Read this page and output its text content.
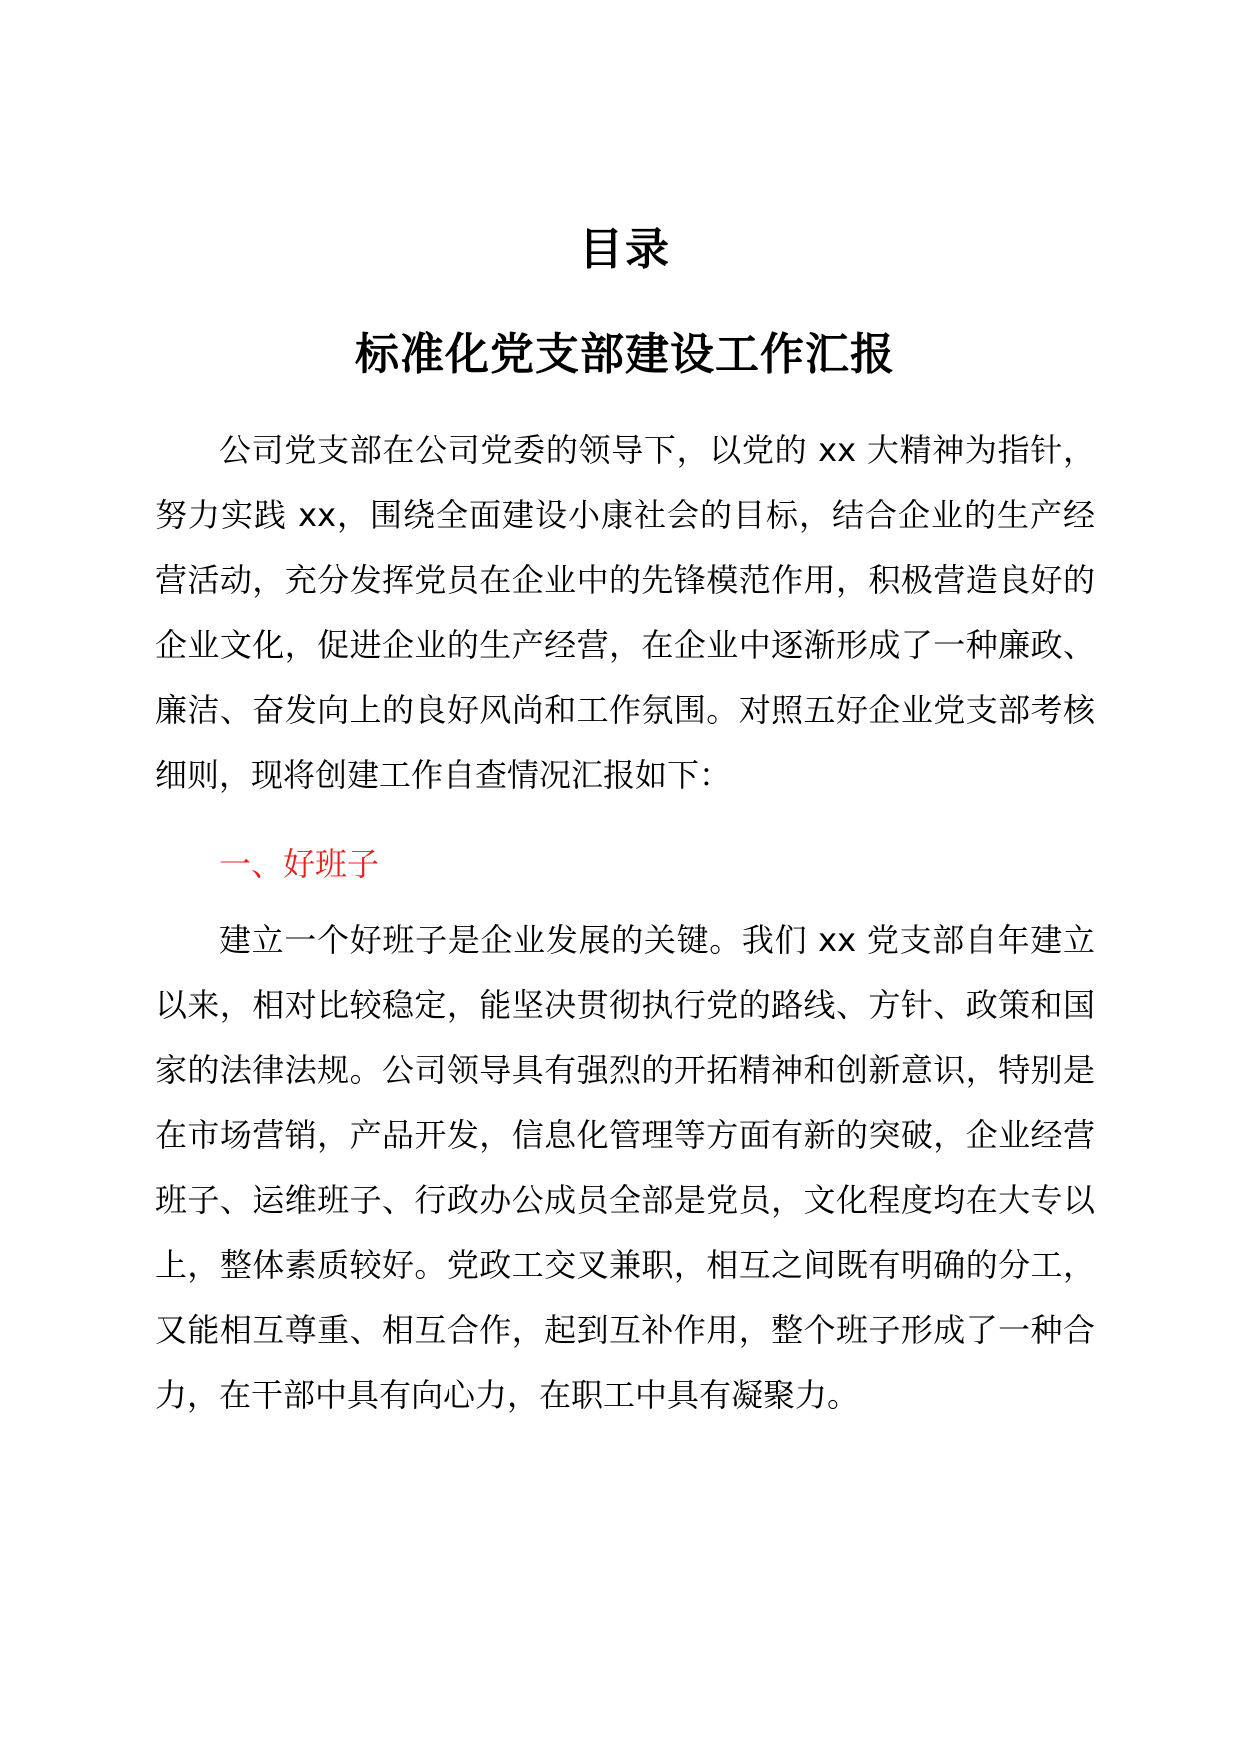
目录
标准化党支部建设工作汇报

公司党支部在公司党委的领导下，以党的 xx 大精神为指针，努力实践 xx，围绕全面建设小康社会的目标，结合企业的生产经营活动，充分发挥党员在企业中的先锋模范作用，积极营造良好的企业文化，促进企业的生产经营，在企业中逐渐形成了一种廉政、廉洁、奋发向上的良好风尚和工作氛围。对照五好企业党支部考核细则，现将创建工作自查情况汇报如下：

一、好班子

建立一个好班子是企业发展的关键。我们 xx 党支部自年建立以来，相对比较稳定，能坚决贯彻执行党的路线、方针、政策和国家的法律法规。公司领导具有强烈的开拓精神和创新意识，特别是在市场营销，产品开发，信息化管理等方面有新的突破，企业经营班子、运维班子、行政办公成员全部是党员，文化程度均在大专以上，整体素质较好。党政工交叉兼职，相互之间既有明确的分工，又能相互尊重、相互合作，起到互补作用，整个班子形成了一种合力，在干部中具有向心力，在职工中具有凝聚力。
